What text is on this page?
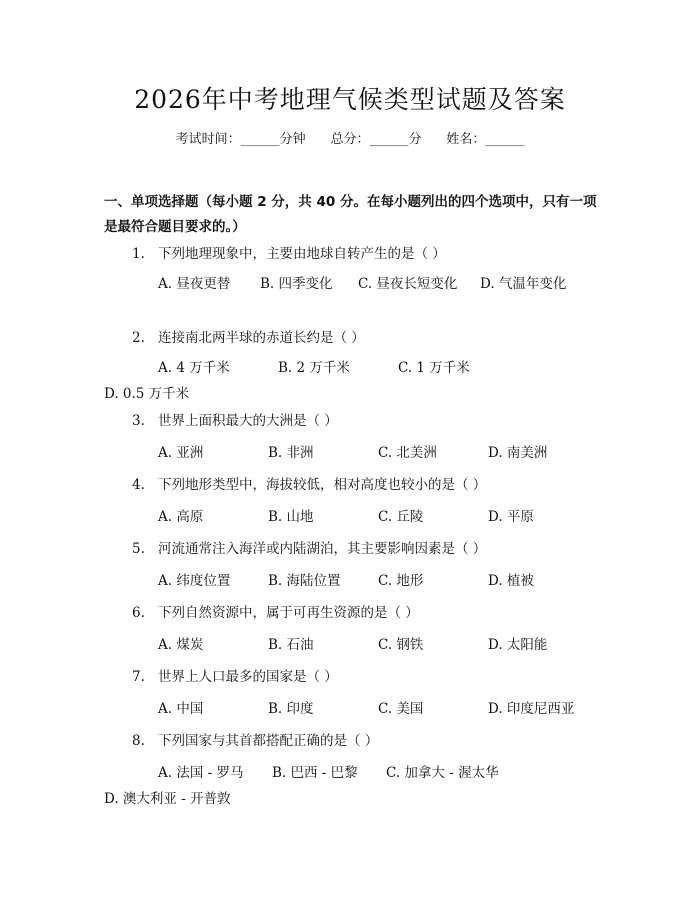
2026年中考地理气候类型试题及答案
考试时间：______分钟 总分：______分 姓名：______
一、单项选择题（每小题 2 分，共 40 分。在每小题列出的四个选项中，只有一项是最符合题目要求的。）
1. 下列地理现象中，主要由地球自转产生的是（ ）
A. 昼夜更替 B. 四季变化 C. 昼夜长短变化 D. 气温年变化
2. 连接南北两半球的赤道长约是（ ）
A. 4 万千米	B. 2 万千米	C. 1 万千米D. 0.5 万千米
3. 世界上面积最大的大洲是（ ）
A. 亚洲	B. 非洲	C. 北美洲	D. 南美洲
4. 下列地形类型中，海拔较低，相对高度也较小的是（ ）
A. 高原	B. 山地	C. 丘陵	D. 平原
5. 河流通常注入海洋或内陆湖泊，其主要影响因素是（ ）
A. 纬度位置	B. 海陆位置	C. 地形	D. 植被
6. 下列自然资源中，属于可再生资源的是（ ）
A. 煤炭	B. 石油	C. 钢铁	D. 太阳能
7. 世界上人口最多的国家是（ ）
A. 中国	B. 印度	C. 美国	D. 印度尼西亚
8. 下列国家与其首都搭配正确的是（ ）
A. 法国 - 罗马 B. 巴西 - 巴黎 C. 加拿大 - 渥太华D. 澳大利亚 - 开普敦
